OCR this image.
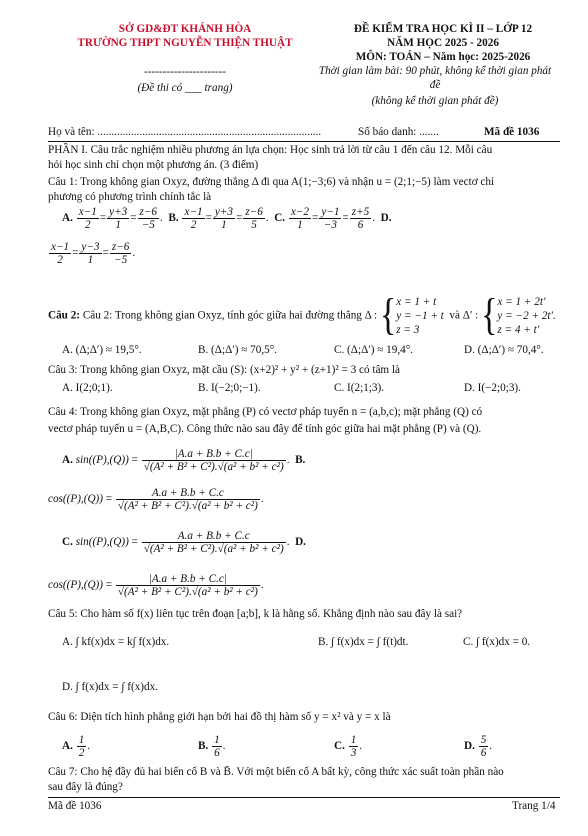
SỞ GD&ĐT KHÁNH HÒA
TRƯỜNG THPT NGUYỄN THIỆN THUẬT
ĐỀ KIỂM TRA HỌC KÌ II – LỚP 12
NĂM HỌC 2025 - 2026
MÔN: TOÁN – Năm học: 2025-2026
Thời gian làm bài: 90 phút, không kể thời gian phát
đề
(không kể thời gian phát đề)
----------------------
(Đề thi có ___ trang)
Họ và tên: ................................................................................	Số báo danh: .......	Mã đề 1036
PHẦN I. Câu trắc nghiệm nhiều phương án lựa chọn: Học sinh trả lời từ câu 1 đến câu 12. Mỗi câu
hỏi học sinh chỉ chọn một phương án. (3 điểm)
Câu 1: Trong không gian Oxyz, đường thẳng Δ đi qua A(1;−3;6) và nhận u = (2;1;−5) làm vectơ chỉ
phương có phương trình chính tắc là
A. $\frac{x-1}{2} = \frac{y+3}{1} = \frac{z-6}{-5}$ .  B. $\frac{x-1}{2} = \frac{y+3}{1} = \frac{z-6}{5}$ .  C. $\frac{x-2}{1} = \frac{y-1}{-3} = \frac{z+5}{6}$ .  D.
$\frac{x-1}{2} = \frac{y-3}{1} = \frac{z-6}{-5}$ .
Câu 2: Câu 2: Trong không gian Oxyz, tính góc giữa hai đường thẳng Δ : {x = 1 + t
y = −1 + t
z = 3  và Δ′ : {x = 1 + 2t′
y = −2 + 2t′.
z = 4 + t′
A. (Δ;Δ′) ≈ 19,5°.	B. (Δ;Δ′) ≈ 70,5°.	C. (Δ;Δ′) ≈ 19,4°.	D. (Δ;Δ′) ≈ 70,4°.
Câu 3: Trong không gian Oxyz, mặt cầu (S): (x+2)² + y² + (z+1)² = 3 có tâm là
A. I(2;0;1).	B. I(−2;0;−1).	C. I(2;1;3).	D. I(−2;0;3).
Câu 4: Trong không gian Oxyz, mặt phẳng (P) có vectơ pháp tuyến n = (a,b,c); mặt phẳng (Q) có
vectơ pháp tuyến u = (A,B,C). Công thức nào sau đây để tính góc giữa hai mặt phẳng (P) và (Q).
A. $\sin((P),(Q)) = \frac{|A.a + B.b + C.c|}{\text{√(A² + B² + C²).√(a² + b² + c²)}}$ .  B.
$\cos((P),(Q)) = \frac{A.a + B.b + C.c}{\text{√(A² + B² + C²).√(a² + b² + c²)}}$ .
C. $\sin((P),(Q)) = \frac{A.a + B.b + C.c}{\text{√(A² + B² + C²).√(a² + b² + c²)}}$ .  D.
$\cos((P),(Q)) = \frac{|A.a + B.b + C.c|}{\text{√(A² + B² + C²).√(a² + b² + c²)}}$ .
Câu 5: Cho hàm số f(x) liên tục trên đoạn [a;b], k là hằng số. Khẳng định nào sau đây là sai?
A. ∫ kf(x)dx = k∫ f(x)dx.	B. ∫ f(x)dx = ∫ f(t)dt.	C. ∫ f(x)dx = 0.
D. ∫ f(x)dx = ∫ f(x)dx.
Câu 6: Diện tích hình phẳng giới hạn bởi hai đồ thị hàm số y = x² và y = x là
A. $\frac{1}{2}$ .	B. $\frac{1}{6}$ .	C. $\frac{1}{3}$ .	D. $\frac{5}{6}$ .
Câu 7: Cho hệ đầy đủ hai biến cố B và B̄. Với một biến cố A bất kỳ, công thức xác suất toàn phần nào
sau đây là đúng?
Mã đề 1036	Trang 1/4
